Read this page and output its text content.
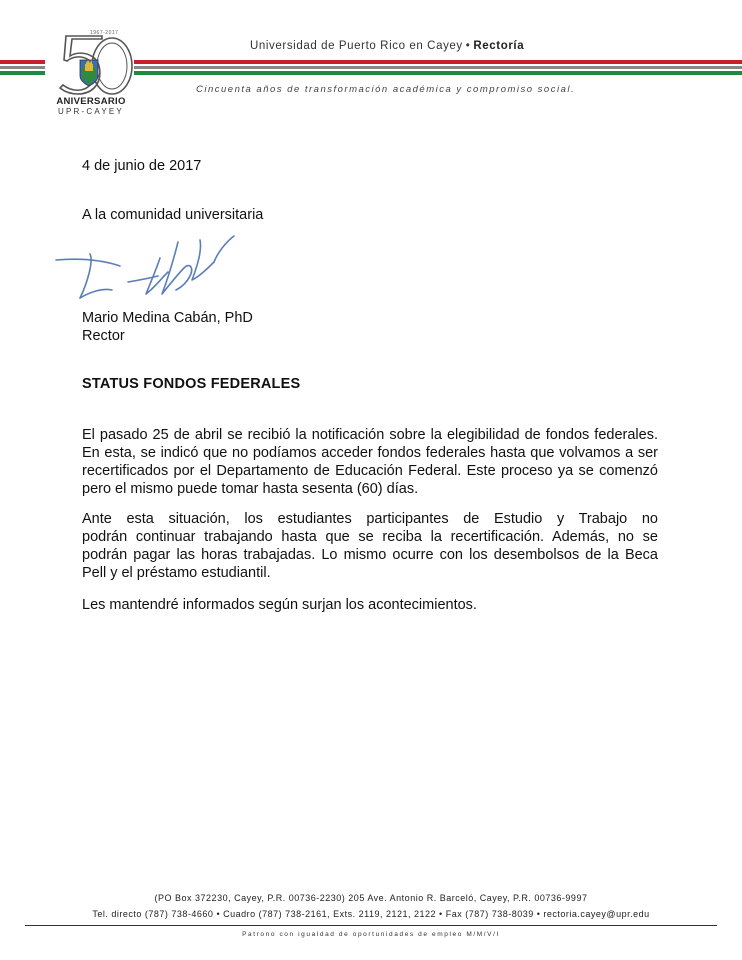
1967-2017
ANIVERSARIO
UPR-CAYEY
Universidad de Puerto Rico en Cayey • Rectoría
Cincuenta años de transformación académica y compromiso social.
4 de junio de 2017
A la comunidad universitaria
Mario Medina Cabán, PhD
Rector
STATUS FONDOS FEDERALES
El pasado 25 de abril se recibió la notificación sobre la elegibilidad de fondos federales.
En esta, se indicó que no podíamos acceder fondos federales hasta que volvamos a ser
recertificados por el Departamento de Educación Federal. Este proceso ya se comenzó
pero el mismo puede tomar hasta sesenta (60) días.
Ante esta situación, los estudiantes participantes de Estudio y Trabajo no
podrán continuar trabajando hasta que se reciba la recertificación. Además, no se
podrán pagar las horas trabajadas. Lo mismo ocurre con los desembolsos de la Beca
Pell y el préstamo estudiantil.
Les mantendré informados según surjan los acontecimientos.
(PO Box 372230, Cayey, P.R. 00736-2230) 205 Ave. Antonio R. Barceló, Cayey, P.R. 00736-9997
Tel. directo (787) 738-4660 • Cuadro (787) 738-2161, Exts. 2119, 2121, 2122 • Fax (787) 738-8039 • rectoria.cayey@upr.edu
Patrono con igualdad de oportunidades de empleo M/M/V/I
